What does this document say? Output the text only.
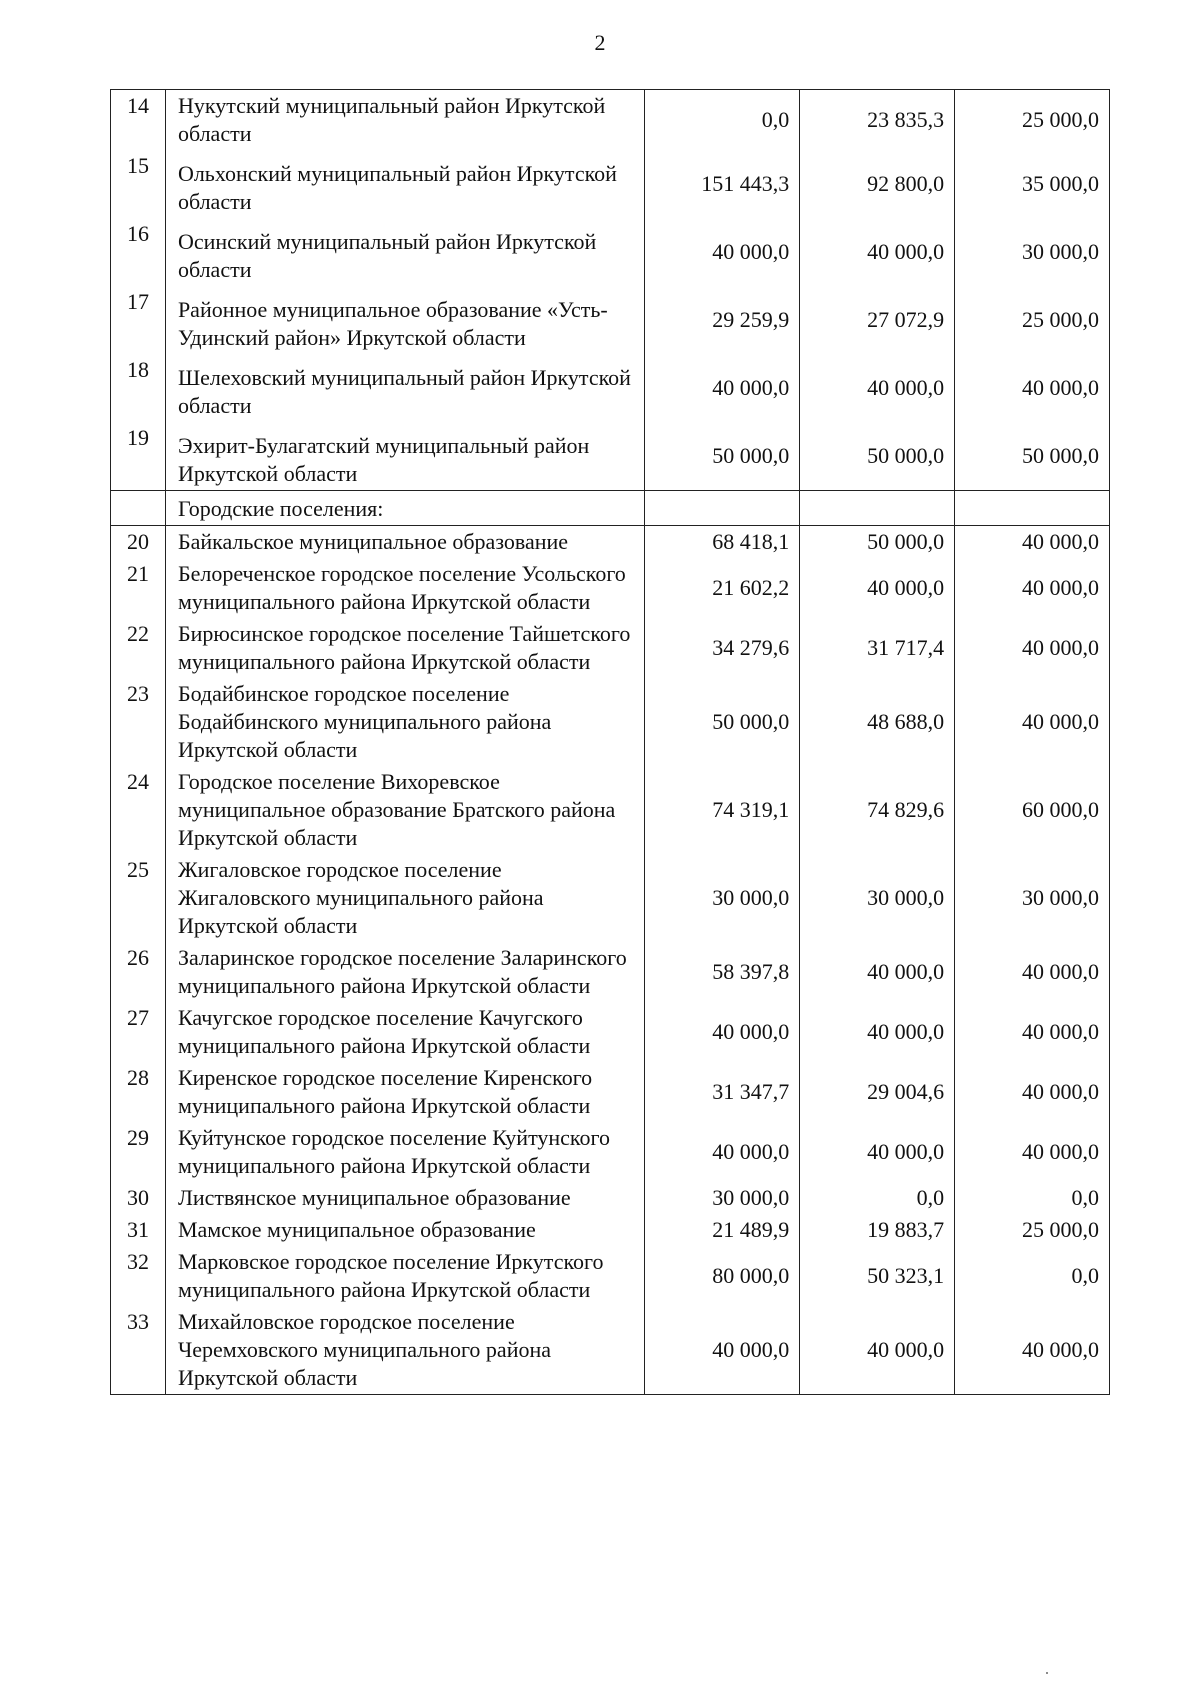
2
14	Нукутский муниципальный район Иркутской области	0,0	23 835,3	25 000,0
15	Ольхонский муниципальный район Иркутской области	151 443,3	92 800,0	35 000,0
16	Осинский муниципальный район Иркутской области	40 000,0	40 000,0	30 000,0
17	Районное муниципальное образование «Усть-Удинский район» Иркутской области	29 259,9	27 072,9	25 000,0
18	Шелеховский муниципальный район Иркутской области	40 000,0	40 000,0	40 000,0
19	Эхирит-Булагатский муниципальный район Иркутской области	50 000,0	50 000,0	50 000,0
	Городские поселения:			
20	Байкальское муниципальное образование	68 418,1	50 000,0	40 000,0
21	Белореченское городское поселение Усольского муниципального района Иркутской области	21 602,2	40 000,0	40 000,0
22	Бирюсинское городское поселение Тайшетского муниципального района Иркутской области	34 279,6	31 717,4	40 000,0
23	Бодайбинское городское поселение Бодайбинского муниципального района Иркутской области	50 000,0	48 688,0	40 000,0
24	Городское поселение Вихоревское муниципальное образование Братского района Иркутской области	74 319,1	74 829,6	60 000,0
25	Жигаловское городское поселение Жигаловского муниципального района Иркутской области	30 000,0	30 000,0	30 000,0
26	Заларинское городское поселение Заларинского муниципального района Иркутской области	58 397,8	40 000,0	40 000,0
27	Качугское городское поселение Качугского муниципального района Иркутской области	40 000,0	40 000,0	40 000,0
28	Киренское городское поселение Киренского муниципального района Иркутской области	31 347,7	29 004,6	40 000,0
29	Куйтунское городское поселение Куйтунского муниципального района Иркутской области	40 000,0	40 000,0	40 000,0
30	Листвянское муниципальное образование	30 000,0	0,0	0,0
31	Мамское муниципальное образование	21 489,9	19 883,7	25 000,0
32	Марковское городское поселение Иркутского муниципального района Иркутской области	80 000,0	50 323,1	0,0
33	Михайловское городское поселение Черемховского муниципального района Иркутской области	40 000,0	40 000,0	40 000,0
